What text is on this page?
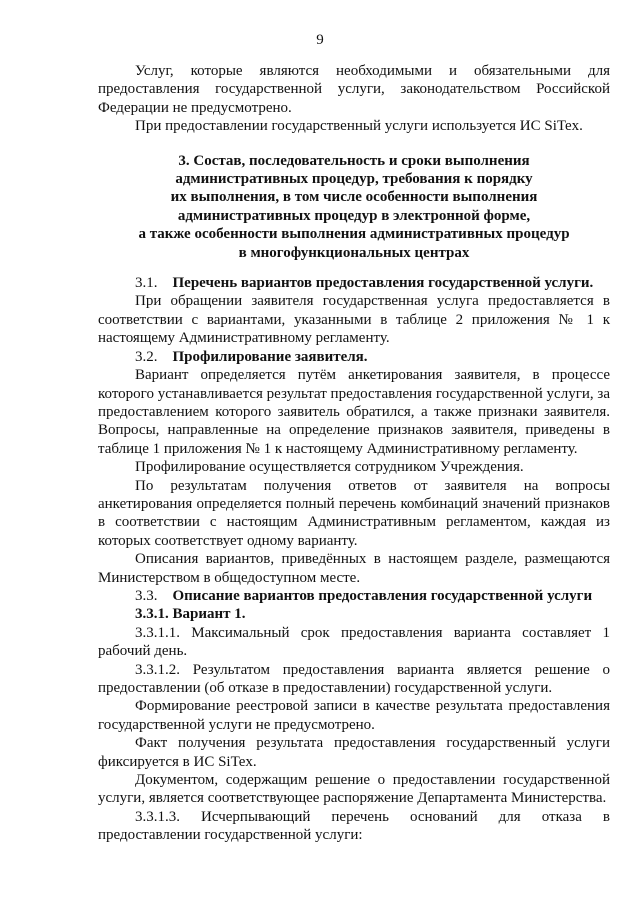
9

Услуг, которые являются необходимыми и обязательными для предоставления государственной услуги, законодательством Российской Федерации не предусмотрено.

При предоставлении государственный услуги используется ИС SiTex.

3. Состав, последовательность и сроки выполнения
административных процедур, требования к порядку
их выполнения, в том числе особенности выполнения
административных процедур в электронной форме,
а также особенности выполнения административных процедур
в многофункциональных центрах

3.1. Перечень вариантов предоставления государственной услуги.

При обращении заявителя государственная услуга предоставляется в соответствии с вариантами, указанными в таблице 2 приложения № 1 к настоящему Административному регламенту.

3.2. Профилирование заявителя.

Вариант определяется путём анкетирования заявителя, в процессе которого устанавливается результат предоставления государственной услуги, за предоставлением которого заявитель обратился, а также признаки заявителя. Вопросы, направленные на определение признаков заявителя, приведены в таблице 1 приложения № 1 к настоящему Административному регламенту.

Профилирование осуществляется сотрудником Учреждения.

По результатам получения ответов от заявителя на вопросы анкетирования определяется полный перечень комбинаций значений признаков в соответствии с настоящим Административным регламентом, каждая из которых соответствует одному варианту.

Описания вариантов, приведённых в настоящем разделе, размещаются Министерством в общедоступном месте.

3.3. Описание вариантов предоставления государственной услуги

3.3.1. Вариант 1.

3.3.1.1. Максимальный срок предоставления варианта составляет 1 рабочий день.

3.3.1.2. Результатом предоставления варианта является решение о предоставлении (об отказе в предоставлении) государственной услуги.

Формирование реестровой записи в качестве результата предоставления государственной услуги не предусмотрено.

Факт получения результата предоставления государственный услуги фиксируется в ИС SiTex.

Документом, содержащим решение о предоставлении государственной услуги, является соответствующее распоряжение Департамента Министерства.

3.3.1.3. Исчерпывающий перечень оснований для отказа в предоставлении государственной услуги:
